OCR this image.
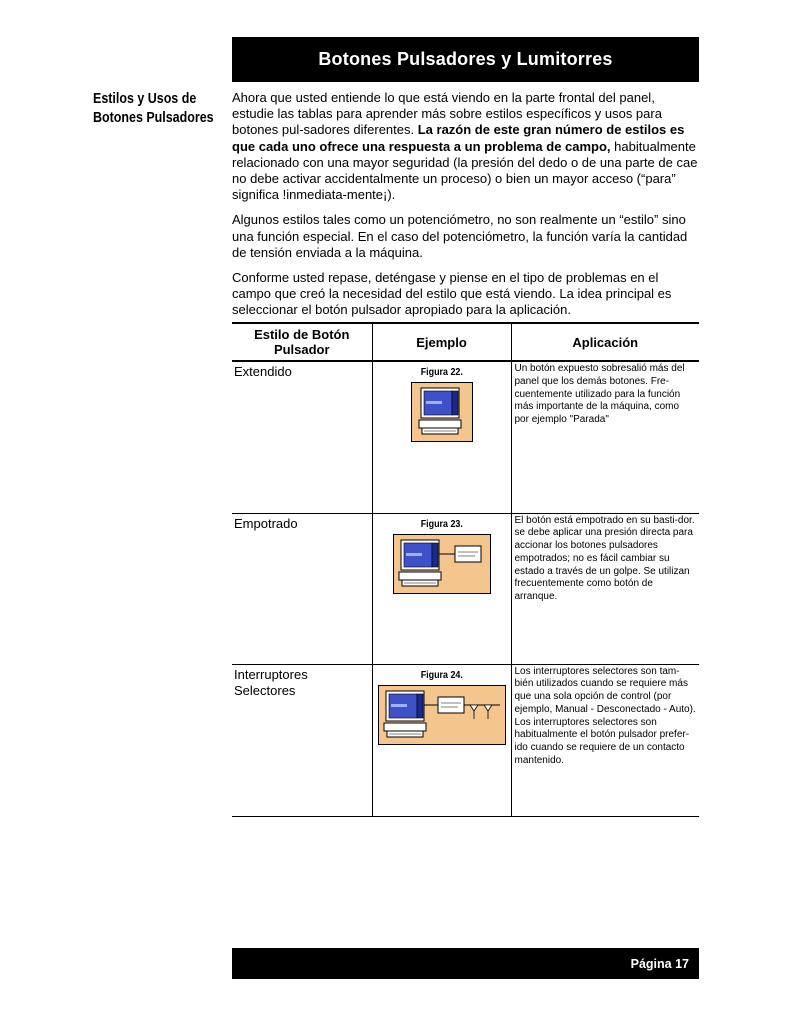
Botones Pulsadores y Lumitorres
Estilos y Usos de
Botones Pulsadores

Ahora que usted entiende lo que está viendo en la parte frontal del panel, estudie las tablas para aprender más sobre estilos específicos y usos para botones pul-sadores diferentes. La razón de este gran número de estilos es que cada uno ofrece una respuesta a un problema de campo, habitualmente relacionado con una mayor seguridad (la presión del dedo o de una parte de cae no debe activar accidentalmente un proceso) o bien un mayor acceso (“para” significa !inmediata-mente¡).

Algunos estilos tales como un potenciómetro, no son realmente un “estilo” sino una función especial. En el caso del potenciómetro, la función varía la cantidad de tensión enviada a la máquina.

Conforme usted repase, deténgase y piense en el tipo de problemas en el campo que creó la necesidad del estilo que está viendo. La idea principal es seleccionar el botón pulsador apropiado para la aplicación.

Estilo de Botón Pulsador	Ejemplo	Aplicación
Extendido	Figura 22.	Un botón expuesto sobresalió más del panel que los demás botones. Fre-cuentemente utilizado para la función más importante de la máquina, como por ejemplo "Parada"
Empotrado	Figura 23.	El botón está empotrado en su basti-dor. se debe aplicar una presión directa para accionar los botones pulsadores empotrados; no es fácil cambiar su estado a través de un golpe. Se utilizan frecuentemente como botón de arranque.
Interruptores Selectores	Figura 24.	Los interruptores selectores son tam-bién utilizados cuando se requiere más que una sola opción de control (por ejemplo, Manual - Desconectado - Auto). Los interruptores selectores son habitualmente el botón pulsador prefer-ido cuando se requiere de un contacto mantenido.
Página 17
